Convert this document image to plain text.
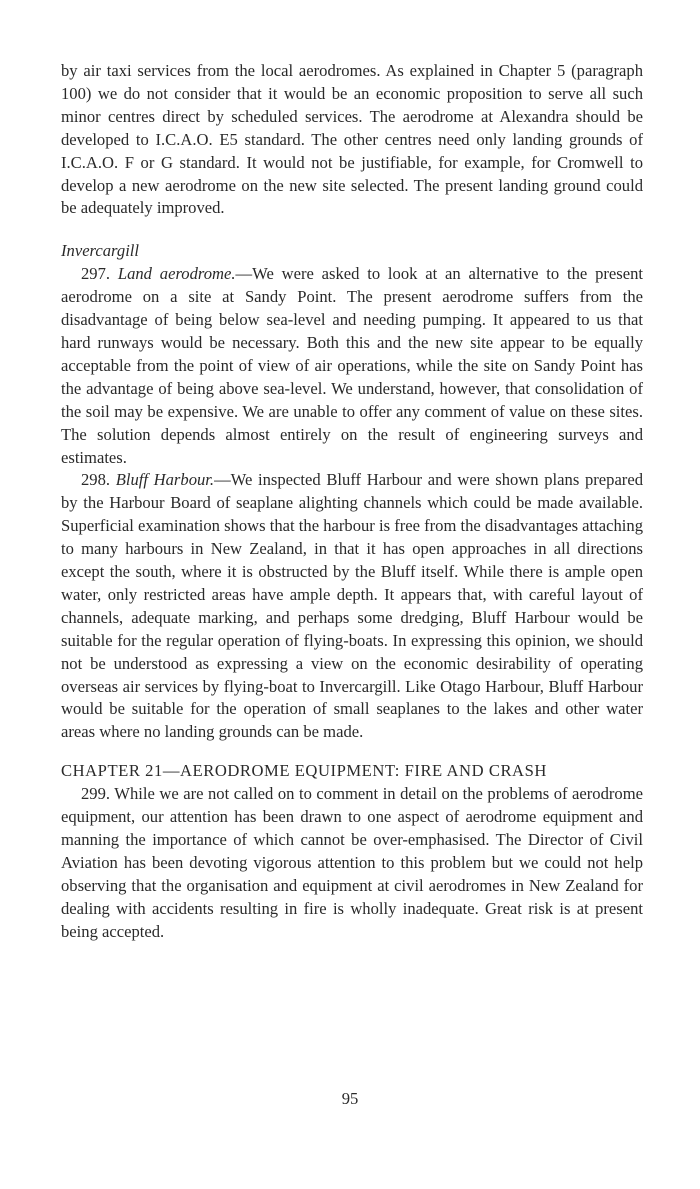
by air taxi services from the local aerodromes. As explained in Chapter 5 (paragraph 100) we do not consider that it would be an economic proposition to serve all such minor centres direct by scheduled services. The aerodrome at Alexandra should be developed to I.C.A.O. E5 standard. The other centres need only landing grounds of I.C.A.O. F or G standard. It would not be justifiable, for example, for Cromwell to develop a new aerodrome on the new site selected. The present landing ground could be adequately improved.

Invercargill

297. Land aerodrome.—We were asked to look at an alternative to the present aerodrome on a site at Sandy Point. The present aerodrome suffers from the disadvantage of being below sea-level and needing pumping. It appeared to us that hard runways would be necessary. Both this and the new site appear to be equally acceptable from the point of view of air operations, while the site on Sandy Point has the advantage of being above sea-level. We understand, however, that consolidation of the soil may be expensive. We are unable to offer any comment of value on these sites. The solution depends almost entirely on the result of engineering surveys and estimates.

298. Bluff Harbour.—We inspected Bluff Harbour and were shown plans prepared by the Harbour Board of seaplane alighting channels which could be made available. Superficial examination shows that the harbour is free from the disadvantages attaching to many harbours in New Zealand, in that it has open approaches in all directions except the south, where it is obstructed by the Bluff itself. While there is ample open water, only restricted areas have ample depth. It appears that, with careful layout of channels, adequate marking, and perhaps some dredging, Bluff Harbour would be suitable for the regular operation of flying-boats. In expressing this opinion, we should not be understood as expressing a view on the economic desirability of operating overseas air services by flying-boat to Invercargill. Like Otago Harbour, Bluff Harbour would be suitable for the operation of small seaplanes to the lakes and other water areas where no landing grounds can be made.

CHAPTER 21—AERODROME EQUIPMENT: FIRE AND CRASH

299. While we are not called on to comment in detail on the problems of aerodrome equipment, our attention has been drawn to one aspect of aerodrome equipment and manning the importance of which cannot be over-emphasised. The Director of Civil Aviation has been devoting vigorous attention to this problem but we could not help observing that the organisation and equipment at civil aerodromes in New Zealand for dealing with accidents resulting in fire is wholly inadequate. Great risk is at present being accepted.

95
